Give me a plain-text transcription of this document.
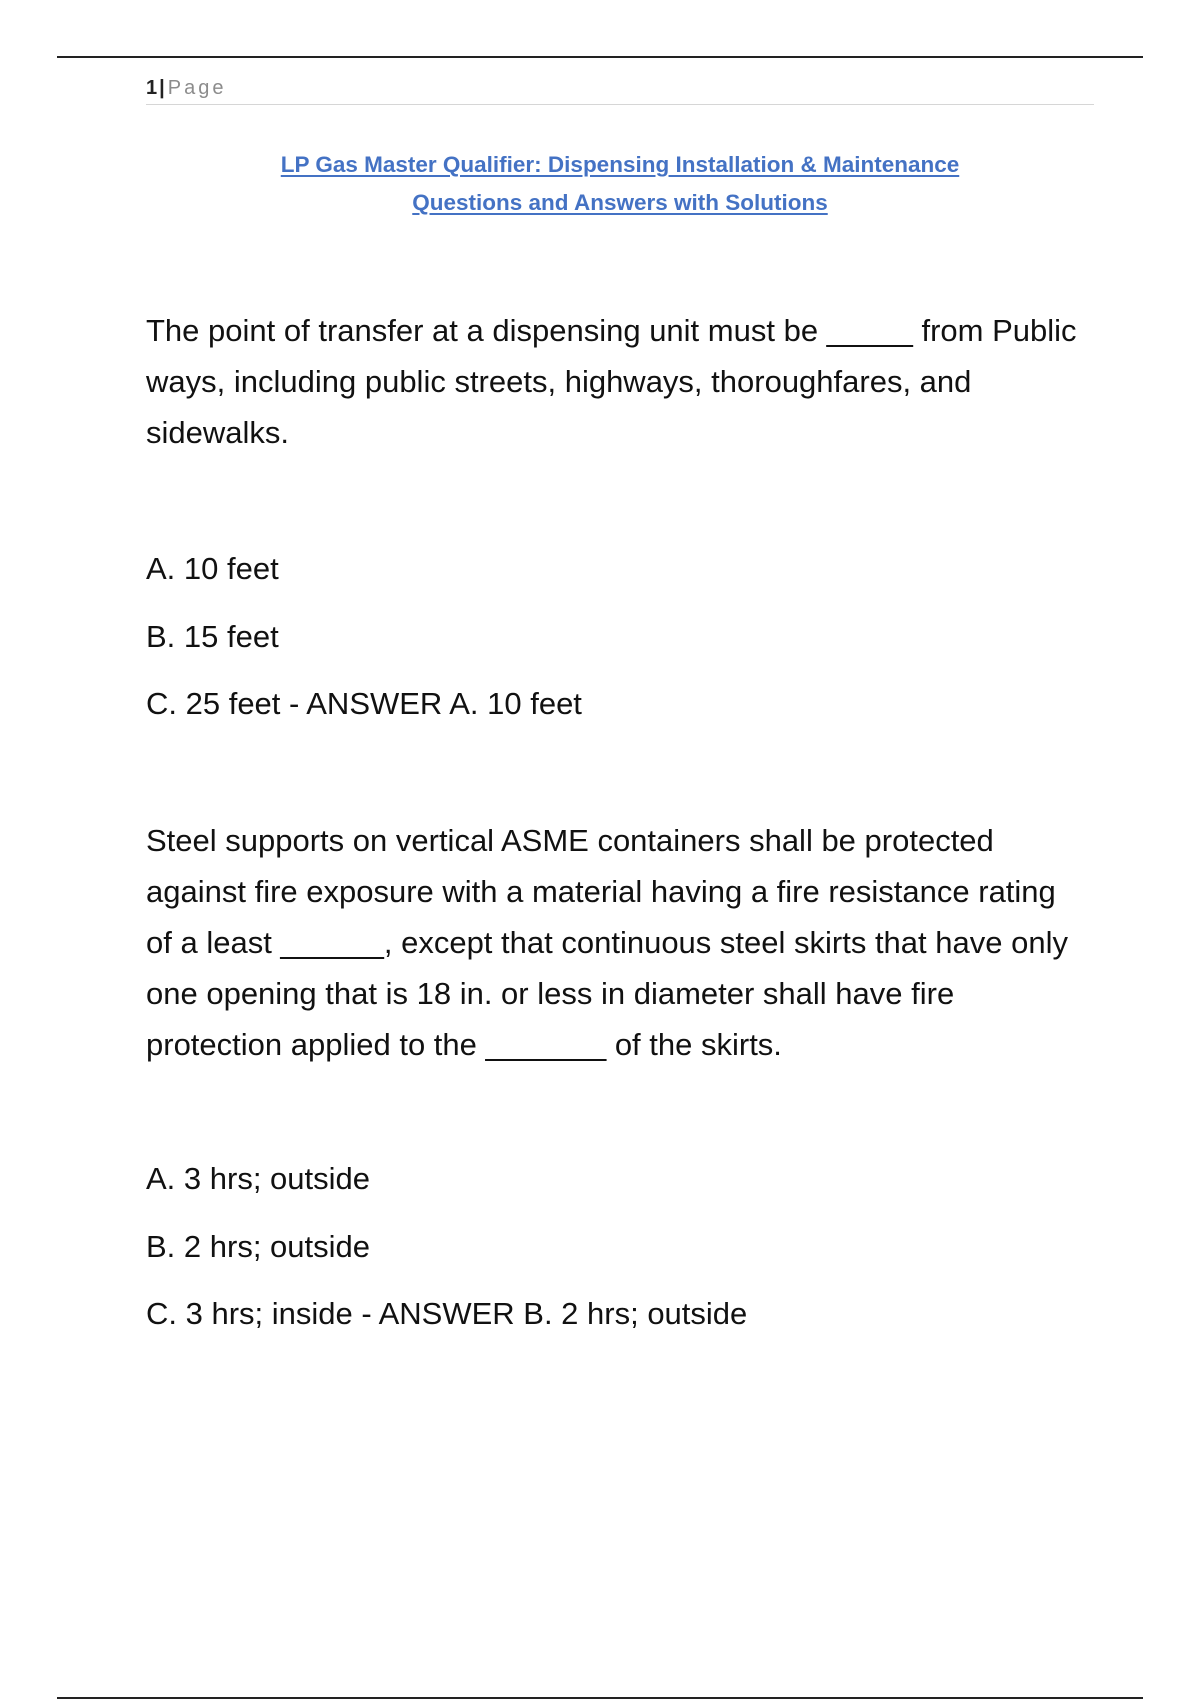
1 | Page
LP Gas Master Qualifier: Dispensing Installation & Maintenance
Questions and Answers with Solutions

The point of transfer at a dispensing unit must be _____ from Public ways, including public streets, highways, thoroughfares, and sidewalks.

A. 10 feet
B. 15 feet
C. 25 feet - ANSWER A. 10 feet

Steel supports on vertical ASME containers shall be protected against fire exposure with a material having a fire resistance rating of a least ______, except that continuous steel skirts that have only one opening that is 18 in. or less in diameter shall have fire protection applied to the _______ of the skirts.

A. 3 hrs; outside
B. 2 hrs; outside
C. 3 hrs; inside - ANSWER B. 2 hrs; outside
